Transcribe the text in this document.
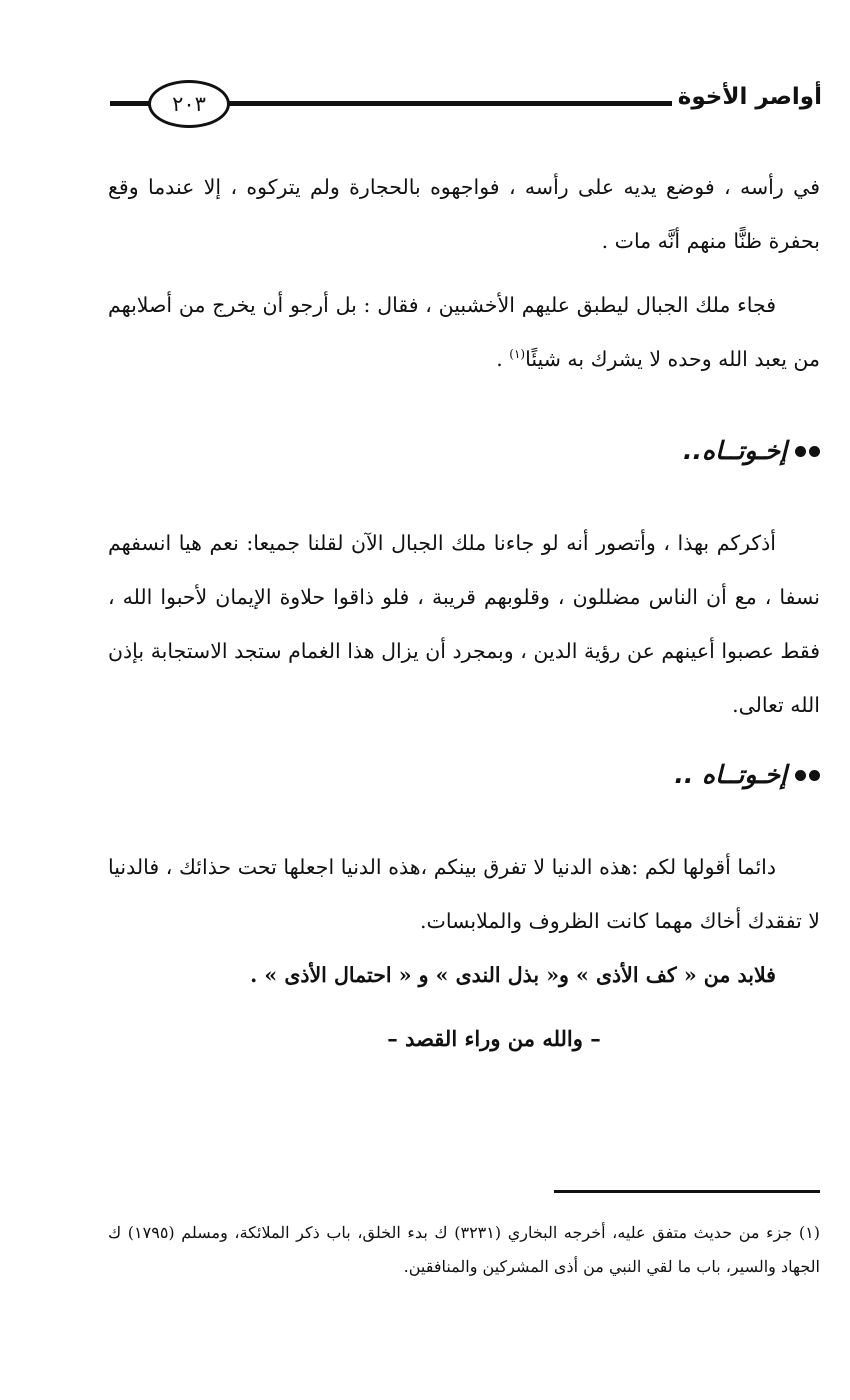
أواصر الأخوة
٢٠٣

في رأسه ، فوضع يديه على رأسه ، فواجهوه بالحجارة ولم يتركوه ، إلا عندما وقع بحفرة ظنًّا منهم أنَّه مات .

فجاء ملك الجبال ليطبق عليهم الأخشبين ، فقال : بل أرجو أن يخرج من أصلابهم من يعبد الله وحده لا يشرك به شيئًا$^{(١)}$ .

إخـوتــاه..

أذكركم بهذا ، وأتصور أنه لو جاءنا ملك الجبال الآن لقلنا جميعا: نعم هيا انسفهم نسفا ، مع أن الناس مضللون ، وقلوبهم قريبة ، فلو ذاقوا حلاوة الإيمان لأحبوا الله ، فقط عصبوا أعينهم عن رؤية الدين ، وبمجرد أن يزال هذا الغمام ستجد الاستجابة بإذن الله تعالى.

إخـوتــاه ..

دائما أقولها لكم :هذه الدنيا لا تفرق بينكم ،هذه الدنيا اجعلها تحت حذائك ، فالدنيا لا تفقدك أخاك مهما كانت الظروف والملابسات.

فلابد من « كف الأذى » و« بذل الندى » و « احتمال الأذى » .

– والله من وراء القصد –

(١) جزء من حديث متفق عليه، أخرجه البخاري (٣٢٣١) ك بدء الخلق، باب ذكر الملائكة، ومسلم (١٧٩٥) ك الجهاد والسير، باب ما لقي النبي من أذى المشركين والمنافقين.
